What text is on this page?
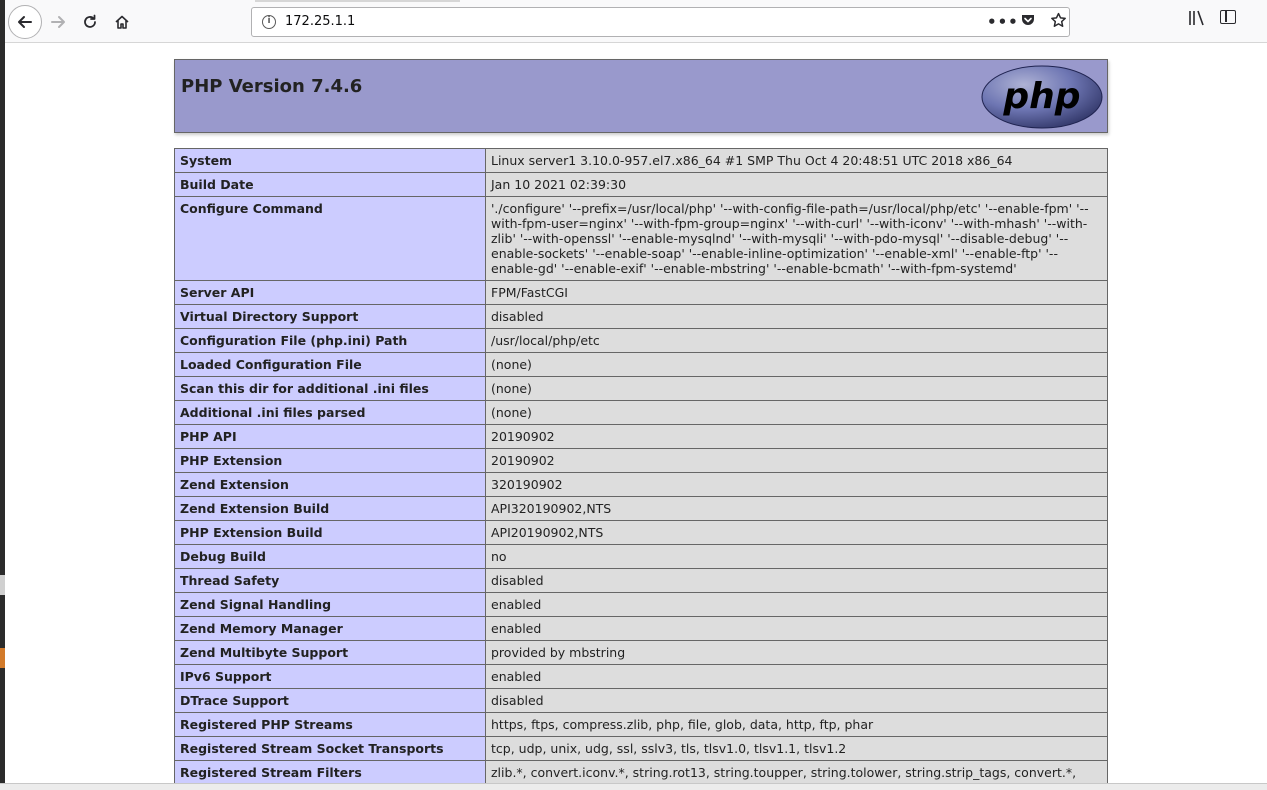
i	172.25.1.1	•••
PHP Version 7.4.6	php
System	Linux server1 3.10.0-957.el7.x86_64 #1 SMP Thu Oct 4 20:48:51 UTC 2018 x86_64
Build Date	Jan 10 2021 02:39:30
Configure Command	'./configure' '--prefix=/usr/local/php' '--with-config-file-path=/usr/local/php/etc' '--enable-fpm' '--with-fpm-user=nginx' '--with-fpm-group=nginx' '--with-curl' '--with-iconv' '--with-mhash' '--with-zlib' '--with-openssl' '--enable-mysqlnd' '--with-mysqli' '--with-pdo-mysql' '--disable-debug' '--enable-sockets' '--enable-soap' '--enable-inline-optimization' '--enable-xml' '--enable-ftp' '--enable-gd' '--enable-exif' '--enable-mbstring' '--enable-bcmath' '--with-fpm-systemd'
Server API	FPM/FastCGI
Virtual Directory Support	disabled
Configuration File (php.ini) Path	/usr/local/php/etc
Loaded Configuration File	(none)
Scan this dir for additional .ini files	(none)
Additional .ini files parsed	(none)
PHP API	20190902
PHP Extension	20190902
Zend Extension	320190902
Zend Extension Build	API320190902,NTS
PHP Extension Build	API20190902,NTS
Debug Build	no
Thread Safety	disabled
Zend Signal Handling	enabled
Zend Memory Manager	enabled
Zend Multibyte Support	provided by mbstring
IPv6 Support	enabled
DTrace Support	disabled
Registered PHP Streams	https, ftps, compress.zlib, php, file, glob, data, http, ftp, phar
Registered Stream Socket Transports	tcp, udp, unix, udg, ssl, sslv3, tls, tlsv1.0, tlsv1.1, tlsv1.2
Registered Stream Filters	zlib.*, convert.iconv.*, string.rot13, string.toupper, string.tolower, string.strip_tags, convert.*,
